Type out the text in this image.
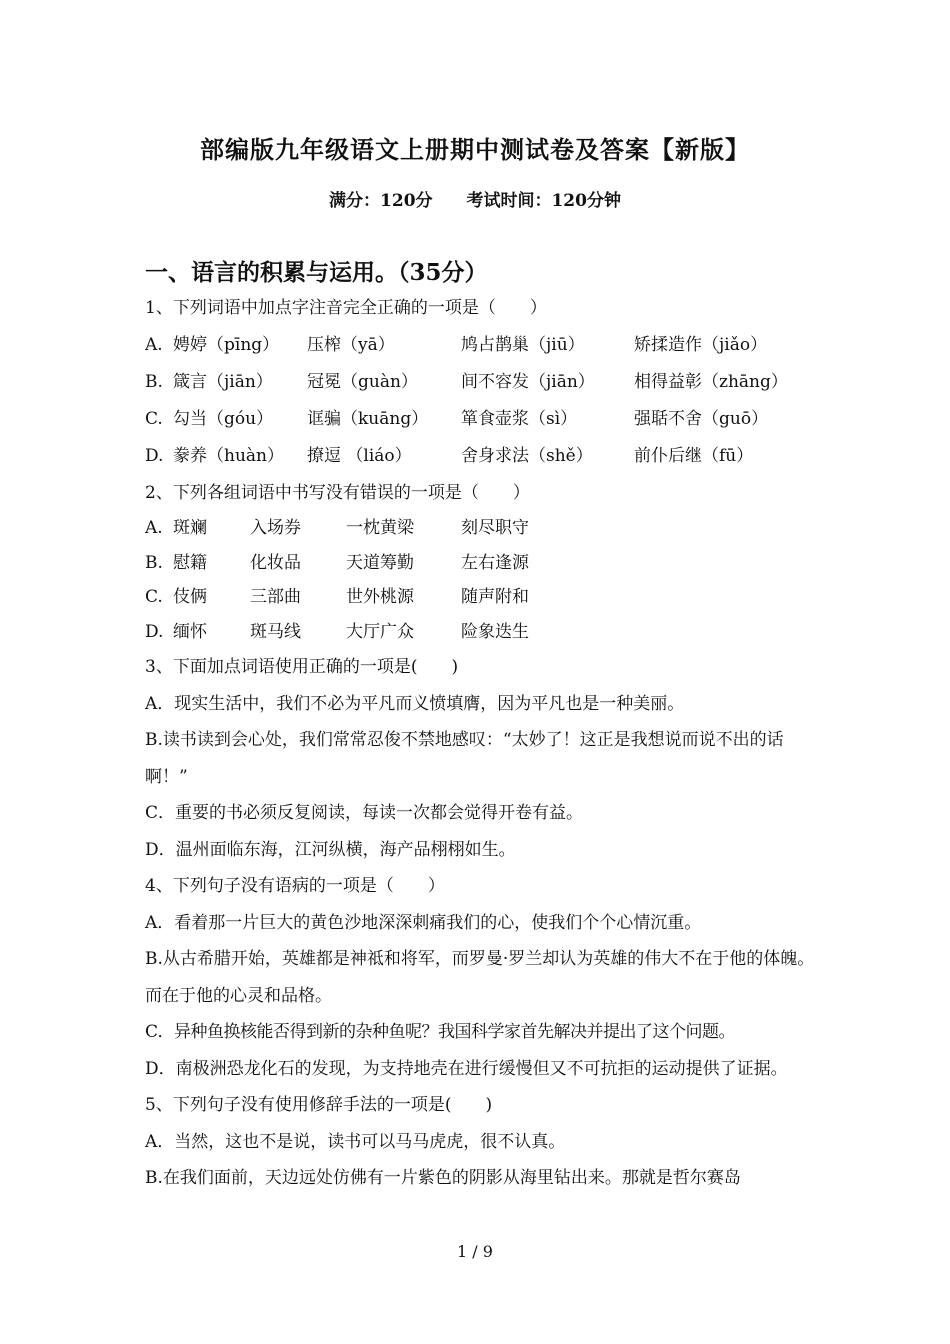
部编版九年级语文上册期中测试卷及答案【新版】
满分：120分 考试时间：120分钟
一、语言的积累与运用。（35分）
1、下列词语中加点字注音完全正确的一项是（　　）
A. 娉婷（pīng）	压榨（yā）	鸠占鹊巢（jiū）	矫揉造作（jiǎo）
B. 箴言（jiān）	冠冕（guàn）	间不容发（jiān）	相得益彰（zhāng）
C. 勾当（góu）	诓骗（kuāng）	箪食壶浆（sì）	强聒不舍（guō）
D. 豢养（huàn）	撩逗 （liáo）	舍身求法（shě）	前仆后继（fū）
2、下列各组词语中书写没有错误的一项是（　　）
A. 斑斓	入场券	一枕黄梁	刻尽职守
B. 慰籍	化妆品	天道筹勤	左右逢源
C. 伎俩	三部曲	世外桃源	随声附和
D. 缅怀	斑马线	大厅广众	险象迭生
3、下面加点词语使用正确的一项是(　　)
A．现实生活中，我们不必为平凡而义愤填膺，因为平凡也是一种美丽。
B.读书读到会心处，我们常常忍俊不禁地感叹：“太妙了！这正是我想说而说不出的话啊！”
C．重要的书必须反复阅读，每读一次都会觉得开卷有益。
D．温州面临东海，江河纵横，海产品栩栩如生。
4、下列句子没有语病的一项是（　　）
A．看着那一片巨大的黄色沙地深深刺痛我们的心，使我们个个心情沉重。
B.从古希腊开始，英雄都是神祗和将军，而罗曼·罗兰却认为英雄的伟大不在于他的体魄。而在于他的心灵和品格。
C．异种鱼换核能否得到新的杂种鱼呢？我国科学家首先解决并提出了这个问题。
D．南极洲恐龙化石的发现，为支持地壳在进行缓慢但又不可抗拒的运动提供了证据。
5、下列句子没有使用修辞手法的一项是(　　)
A．当然，这也不是说，读书可以马马虎虎，很不认真。
B.在我们面前，天边远处仿佛有一片紫色的阴影从海里钻出来。那就是哲尔赛岛
1 / 9
